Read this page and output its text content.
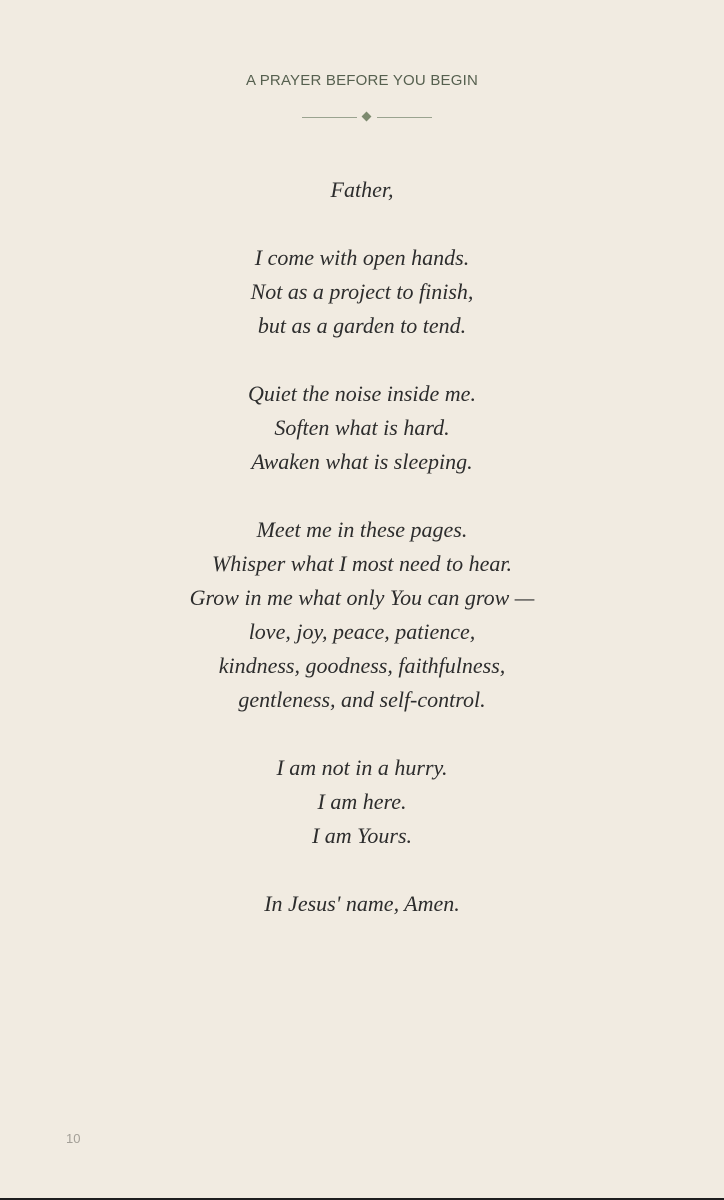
A PRAYER BEFORE YOU BEGIN
Father,
I come with open hands.
Not as a project to finish,
but as a garden to tend.
Quiet the noise inside me.
Soften what is hard.
Awaken what is sleeping.
Meet me in these pages.
Whisper what I most need to hear.
Grow in me what only You can grow —
love, joy, peace, patience,
kindness, goodness, faithfulness,
gentleness, and self-control.
I am not in a hurry.
I am here.
I am Yours.
In Jesus' name, Amen.
10
